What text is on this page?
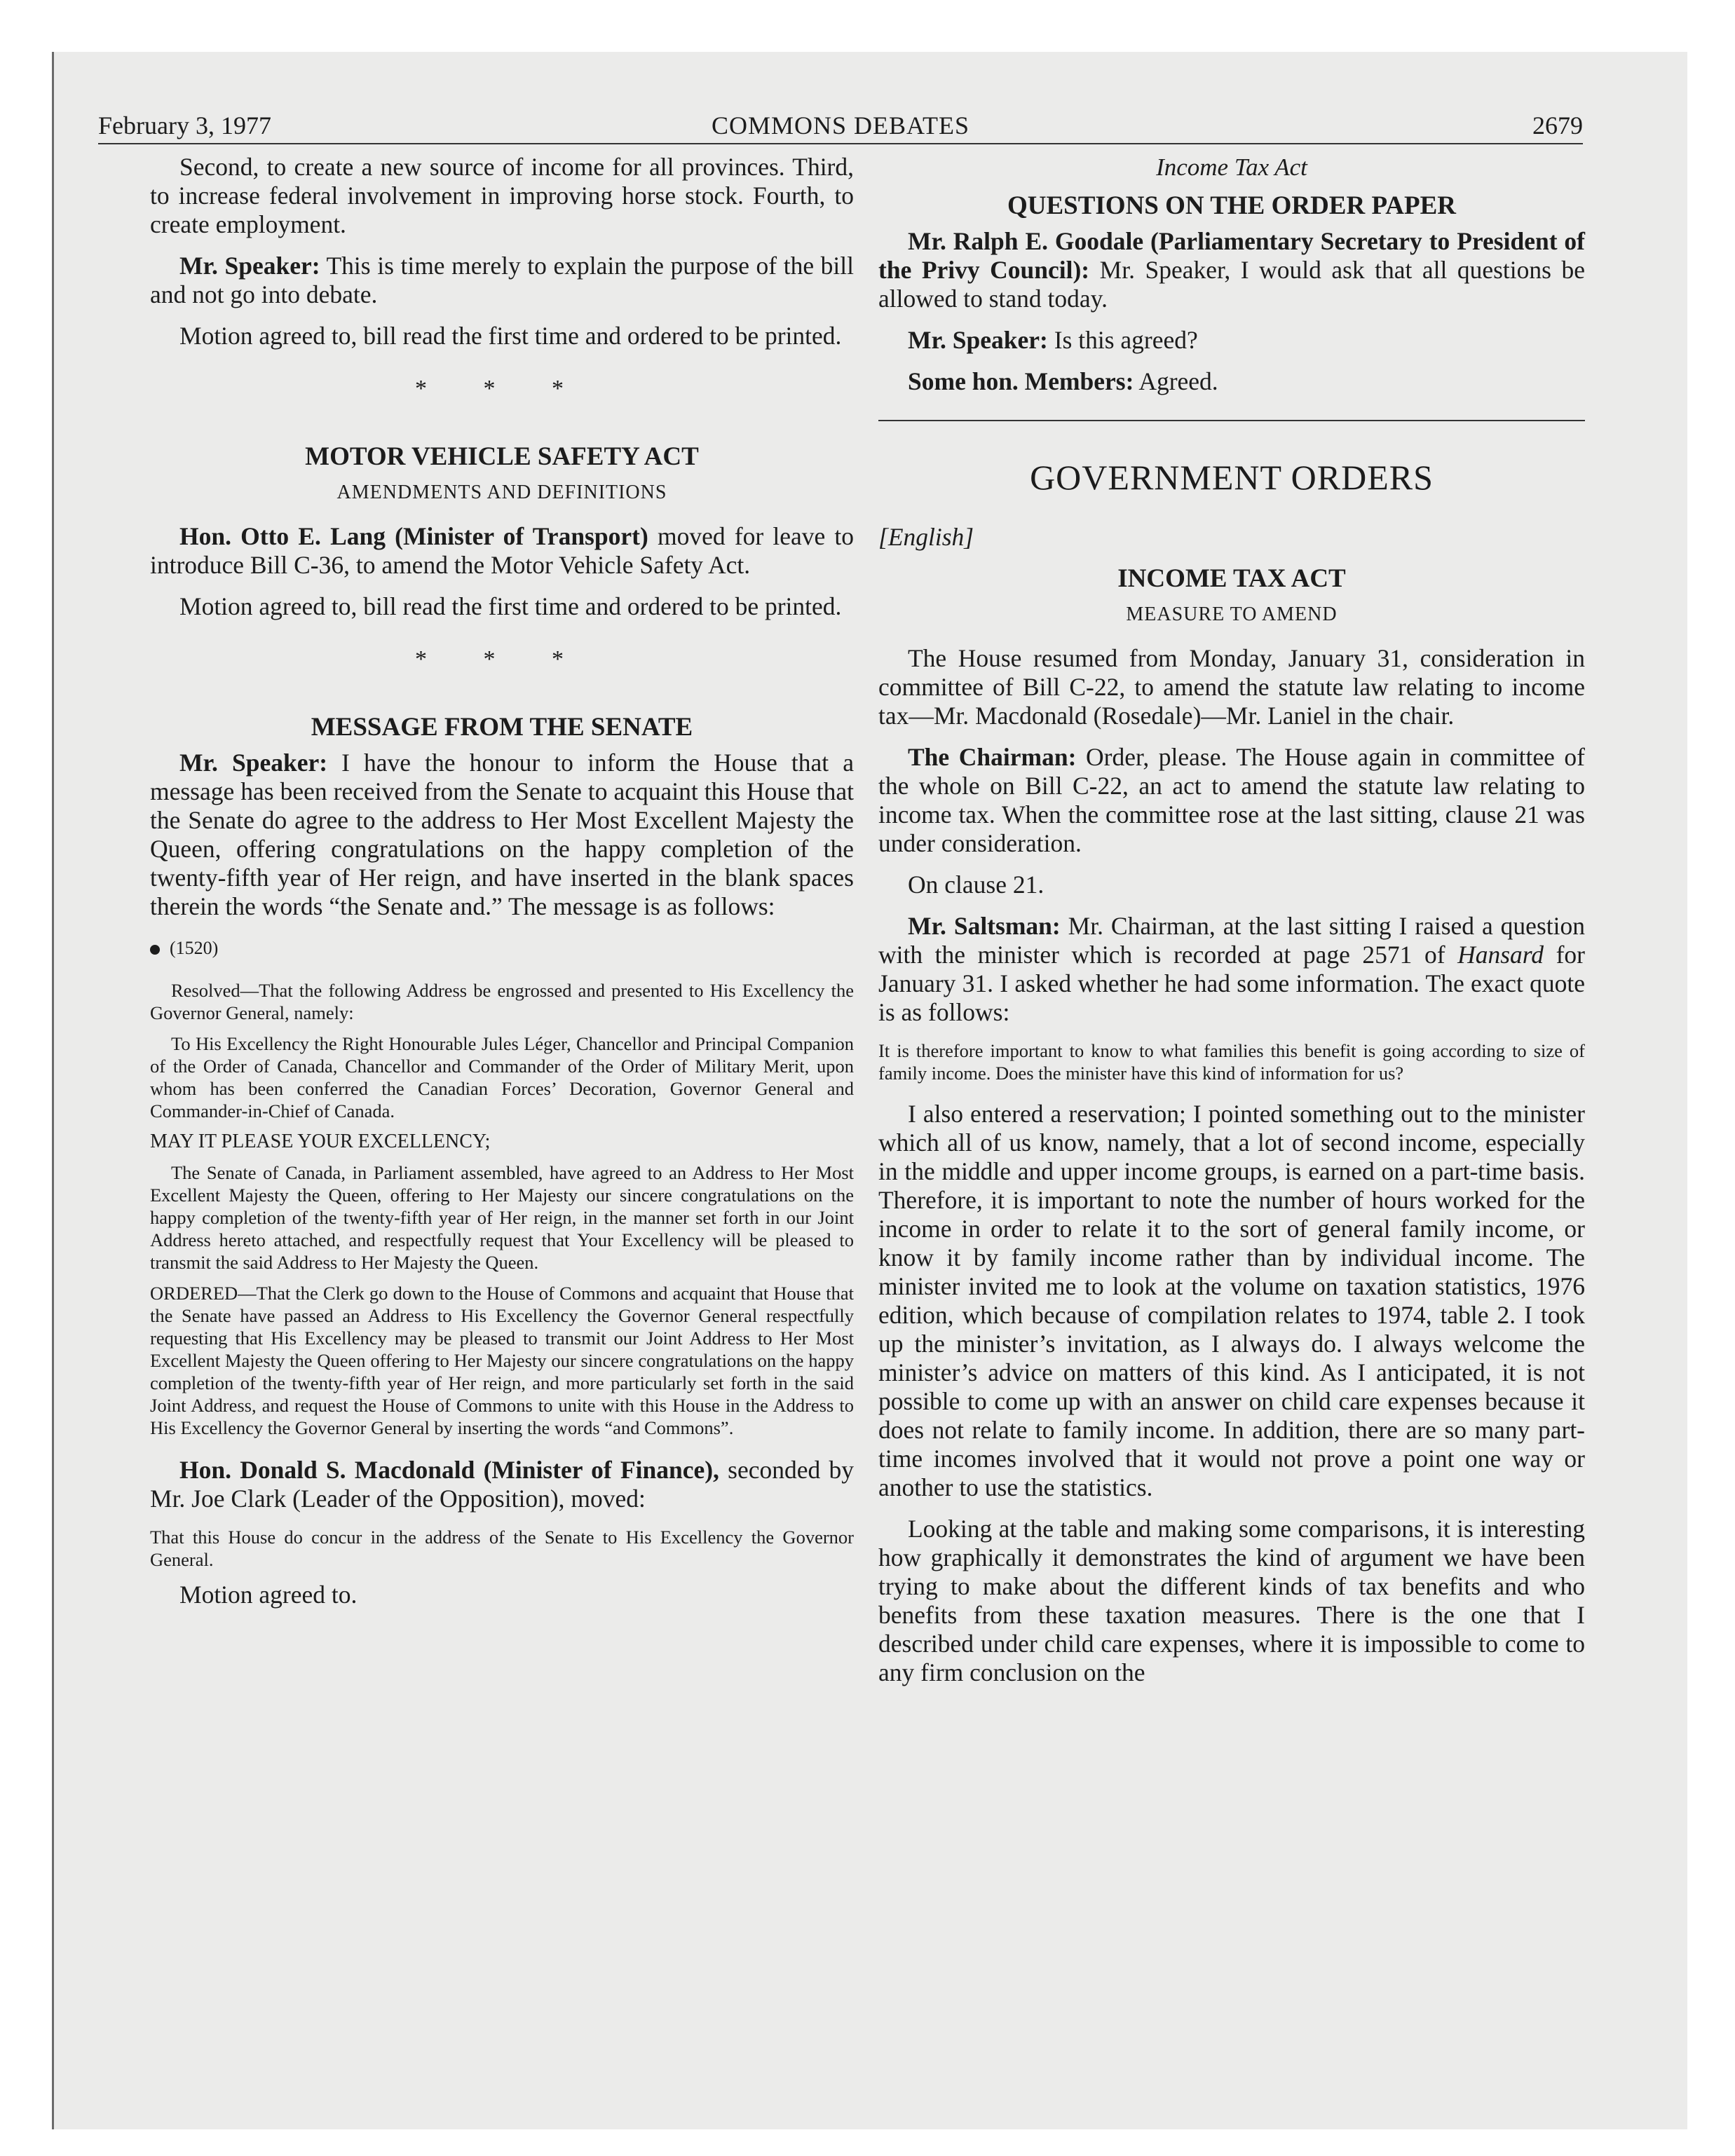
February 3, 1977	COMMONS DEBATES	2679

Second, to create a new source of income for all provinces. Third, to increase federal involvement in improving horse stock. Fourth, to create employment.

Mr. Speaker: This is time merely to explain the purpose of the bill and not go into debate.

Motion agreed to, bill read the first time and ordered to be printed.

* * *
MOTOR VEHICLE SAFETY ACT
AMENDMENTS AND DEFINITIONS

Hon. Otto E. Lang (Minister of Transport) moved for leave to introduce Bill C-36, to amend the Motor Vehicle Safety Act.

Motion agreed to, bill read the first time and ordered to be printed.

* * *
MESSAGE FROM THE SENATE

Mr. Speaker: I have the honour to inform the House that a message has been received from the Senate to acquaint this House that the Senate do agree to the address to Her Most Excellent Majesty the Queen, offering congratulations on the happy completion of the twenty-fifth year of Her reign, and have inserted in the blank spaces therein the words “the Senate and.” The message is as follows:

(1520)

Resolved—That the following Address be engrossed and presented to His Excellency the Governor General, namely:

To His Excellency the Right Honourable Jules Léger, Chancellor and Principal Companion of the Order of Canada, Chancellor and Commander of the Order of Military Merit, upon whom has been conferred the Canadian Forces’ Decoration, Governor General and Commander-in-Chief of Canada.

MAY IT PLEASE YOUR EXCELLENCY;

The Senate of Canada, in Parliament assembled, have agreed to an Address to Her Most Excellent Majesty the Queen, offering to Her Majesty our sincere congratulations on the happy completion of the twenty-fifth year of Her reign, in the manner set forth in our Joint Address hereto attached, and respectfully request that Your Excellency will be pleased to transmit the said Address to Her Majesty the Queen.

ORDERED—That the Clerk go down to the House of Commons and acquaint that House that the Senate have passed an Address to His Excellency the Governor General respectfully requesting that His Excellency may be pleased to transmit our Joint Address to Her Most Excellent Majesty the Queen offering to Her Majesty our sincere congratulations on the happy completion of the twenty-fifth year of Her reign, and more particularly set forth in the said Joint Address, and request the House of Commons to unite with this House in the Address to His Excellency the Governor General by inserting the words “and Commons”.

Hon. Donald S. Macdonald (Minister of Finance), seconded by Mr. Joe Clark (Leader of the Opposition), moved:

That this House do concur in the address of the Senate to His Excellency the Governor General.

Motion agreed to.

Income Tax Act
QUESTIONS ON THE ORDER PAPER

Mr. Ralph E. Goodale (Parliamentary Secretary to President of the Privy Council): Mr. Speaker, I would ask that all questions be allowed to stand today.

Mr. Speaker: Is this agreed?

Some hon. Members: Agreed.

GOVERNMENT ORDERS

[English]

INCOME TAX ACT
MEASURE TO AMEND

The House resumed from Monday, January 31, consideration in committee of Bill C-22, to amend the statute law relating to income tax—Mr. Macdonald (Rosedale)—Mr. Laniel in the chair.

The Chairman: Order, please. The House again in committee of the whole on Bill C-22, an act to amend the statute law relating to income tax. When the committee rose at the last sitting, clause 21 was under consideration.

On clause 21.

Mr. Saltsman: Mr. Chairman, at the last sitting I raised a question with the minister which is recorded at page 2571 of Hansard for January 31. I asked whether he had some information. The exact quote is as follows:

It is therefore important to know to what families this benefit is going according to size of family income. Does the minister have this kind of information for us?

I also entered a reservation; I pointed something out to the minister which all of us know, namely, that a lot of second income, especially in the middle and upper income groups, is earned on a part-time basis. Therefore, it is important to note the number of hours worked for the income in order to relate it to the sort of general family income, or know it by family income rather than by individual income. The minister invited me to look at the volume on taxation statistics, 1976 edition, which because of compilation relates to 1974, table 2. I took up the minister’s invitation, as I always do. I always welcome the minister’s advice on matters of this kind. As I anticipated, it is not possible to come up with an answer on child care expenses because it does not relate to family income. In addition, there are so many part-time incomes involved that it would not prove a point one way or another to use the statistics.

Looking at the table and making some comparisons, it is interesting how graphically it demonstrates the kind of argument we have been trying to make about the different kinds of tax benefits and who benefits from these taxation measures. There is the one that I described under child care expenses, where it is impossible to come to any firm conclusion on the
